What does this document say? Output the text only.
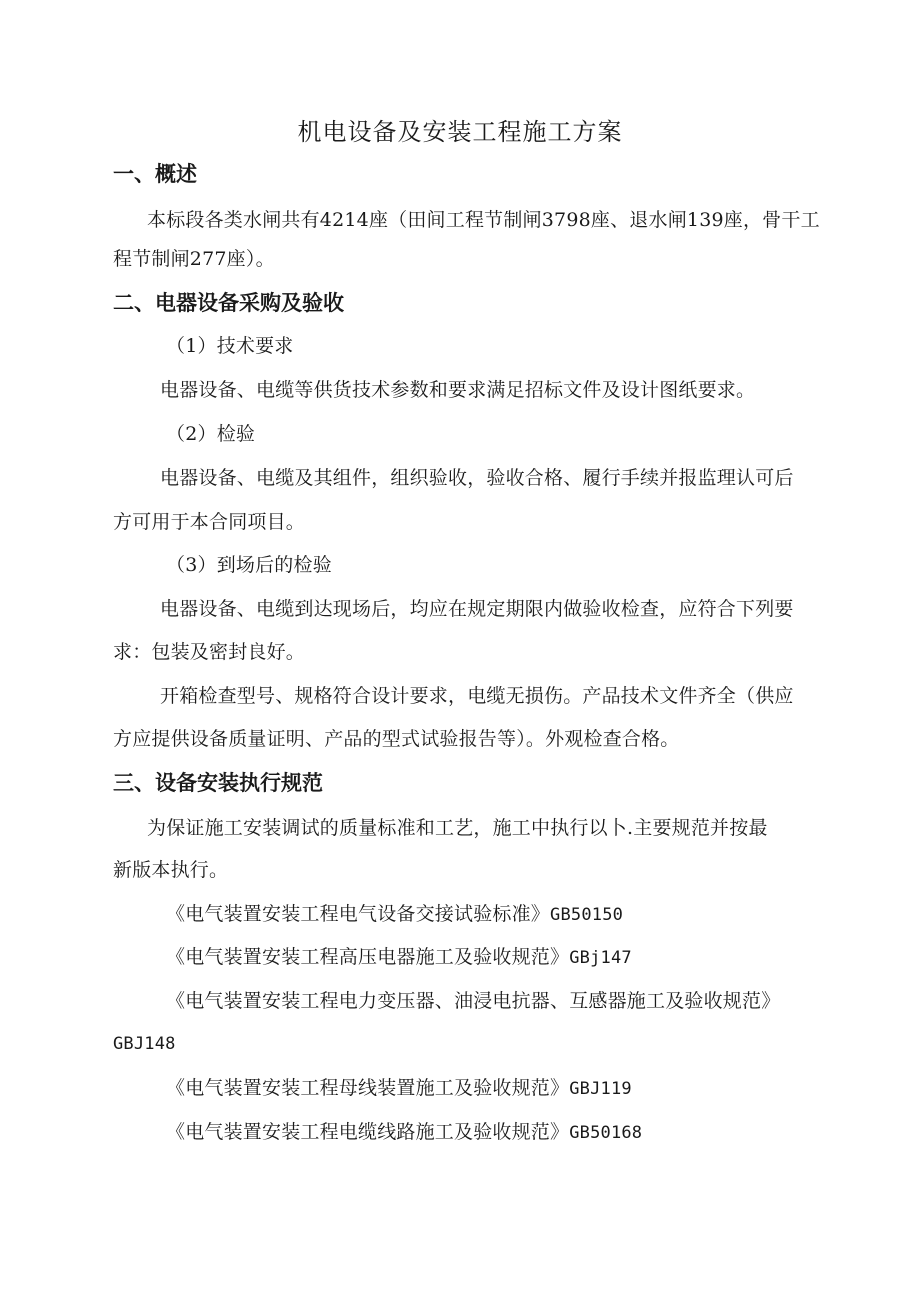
机电设备及安装工程施工方案
一、概述
本标段各类水闸共有4214座（田间工程节制闸3798座、退水闸139座，骨干工
程节制闸277座）。
二、电器设备采购及验收
（1）技术要求
电器设备、电缆等供货技术参数和要求满足招标文件及设计图纸要求。
（2）检验
电器设备、电缆及其组件，组织验收，验收合格、履行手续并报监理认可后
方可用于本合同项目。
（3）到场后的检验
电器设备、电缆到达现场后，均应在规定期限内做验收检查，应符合下列要
求：包装及密封良好。
开箱检查型号、规格符合设计要求，电缆无损伤。产品技术文件齐全（供应
方应提供设备质量证明、产品的型式试验报告等）。外观检查合格。
三、设备安装执行规范
为保证施工安装调试的质量标准和工艺，施工中执行以卜.主要规范并按最
新版本执行。
《电气装置安装工程电气设备交接试验标准》GB50150
《电气装置安装工程高压电器施工及验收规范》GBj147
《电气装置安装工程电力变压器、油浸电抗器、互感器施工及验收规范》
GBJ148
《电气装置安装工程母线装置施工及验收规范》GBJ119
《电气装置安装工程电缆线路施工及验收规范》GB50168
